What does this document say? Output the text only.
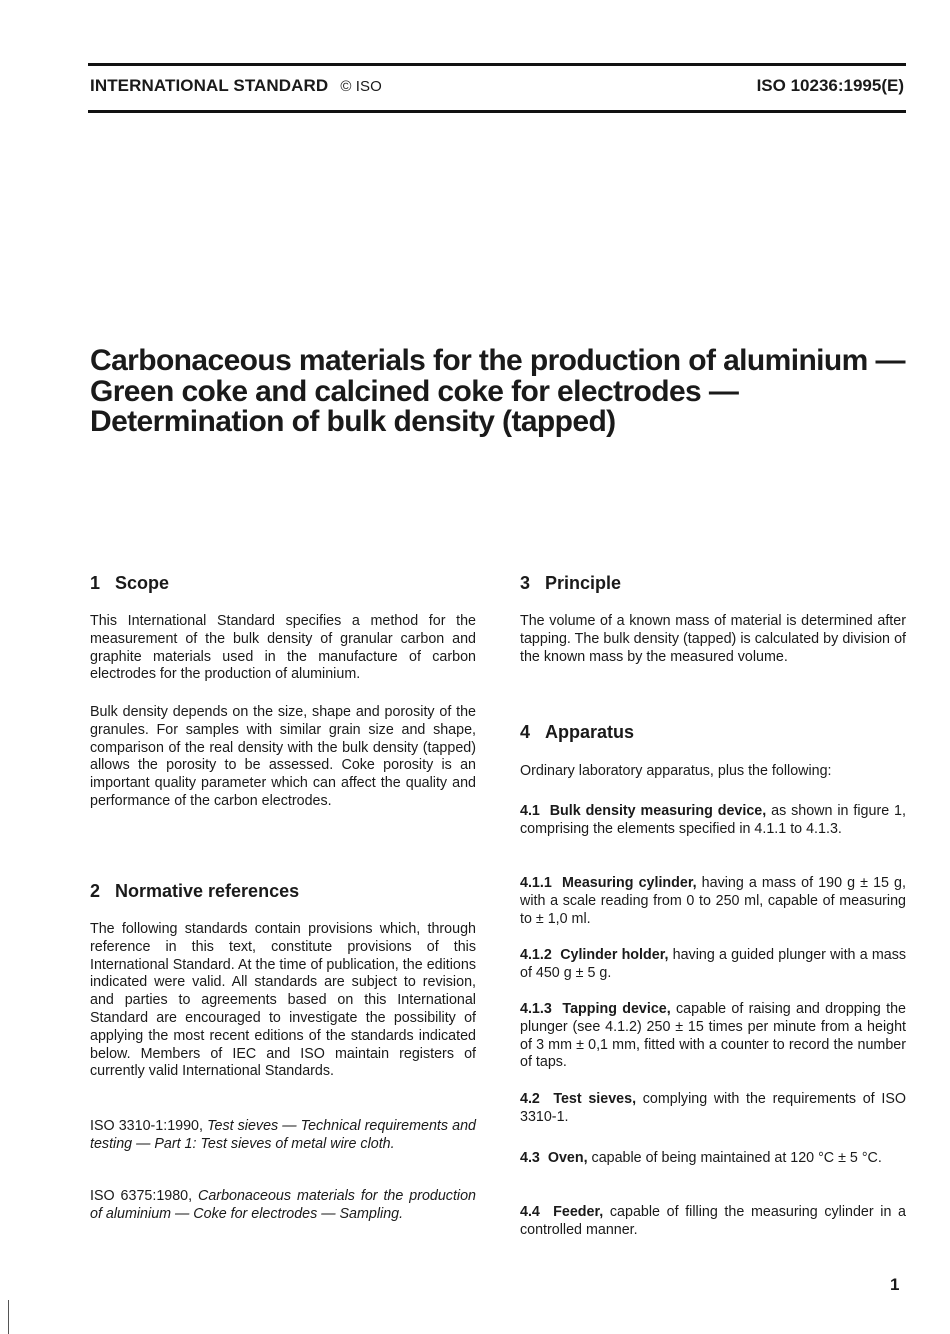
INTERNATIONAL STANDARD © ISO	ISO 10236:1995(E)
Carbonaceous materials for the production of aluminium —
Green coke and calcined coke for electrodes —
Determination of bulk density (tapped)
1 Scope

This International Standard specifies a method for the measurement of the bulk density of granular carbon and graphite materials used in the manufacture of carbon electrodes for the production of aluminium.

Bulk density depends on the size, shape and porosity of the granules. For samples with similar grain size and shape, comparison of the real density with the bulk density (tapped) allows the porosity to be assessed. Coke porosity is an important quality parameter which can affect the quality and performance of the carbon electrodes.

2 Normative references

The following standards contain provisions which, through reference in this text, constitute provisions of this International Standard. At the time of publication, the editions indicated were valid. All standards are subject to revision, and parties to agreements based on this International Standard are encouraged to investigate the possibility of applying the most recent editions of the standards indicated below. Members of IEC and ISO maintain registers of currently valid International Standards.

ISO 3310-1:1990, Test sieves — Technical requirements and testing — Part 1: Test sieves of metal wire cloth.

ISO 6375:1980, Carbonaceous materials for the production of aluminium — Coke for electrodes — Sampling.

3 Principle

The volume of a known mass of material is determined after tapping. The bulk density (tapped) is calculated by division of the known mass by the measured volume.

4 Apparatus

Ordinary laboratory apparatus, plus the following:

4.1 Bulk density measuring device, as shown in figure 1, comprising the elements specified in 4.1.1 to 4.1.3.

4.1.1 Measuring cylinder, having a mass of 190 g ± 15 g, with a scale reading from 0 to 250 ml, capable of measuring to ± 1,0 ml.

4.1.2 Cylinder holder, having a guided plunger with a mass of 450 g ± 5 g.

4.1.3 Tapping device, capable of raising and dropping the plunger (see 4.1.2) 250 ± 15 times per minute from a height of 3 mm ± 0,1 mm, fitted with a counter to record the number of taps.

4.2 Test sieves, complying with the requirements of ISO 3310-1.

4.3 Oven, capable of being maintained at 120 °C ± 5 °C.

4.4 Feeder, capable of filling the measuring cylinder in a controlled manner.

1
